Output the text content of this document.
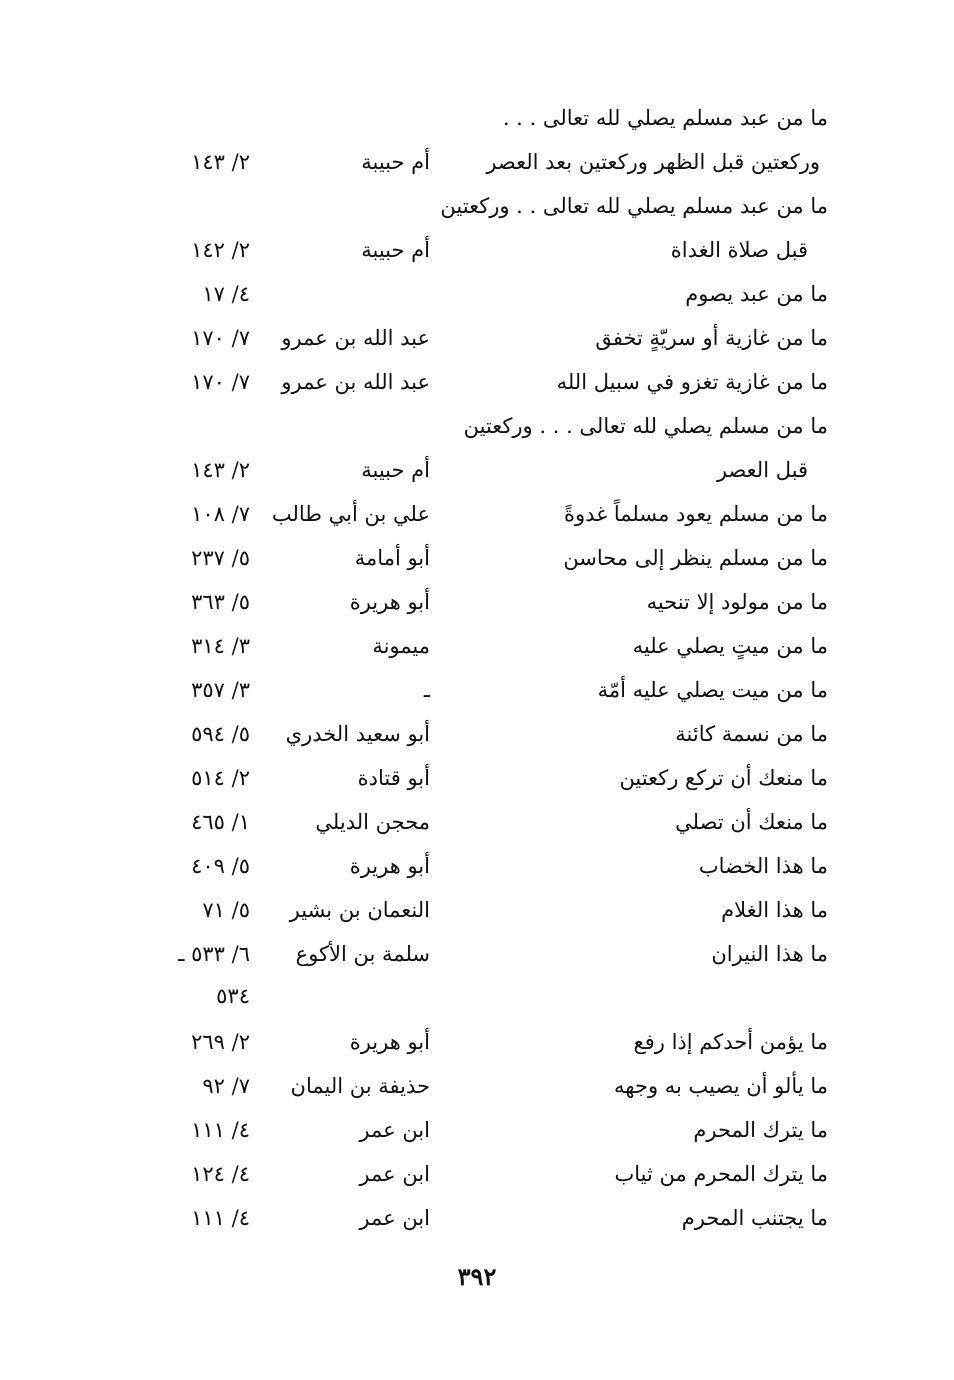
ما من عبد مسلم يصلي لله تعالى . . .
وركعتين قبل الظهر وركعتين بعد العصر
أم حبيبة
٢/ ١٤٣
ما من عبد مسلم يصلي لله تعالى . . وركعتين
قبل صلاة الغداة
أم حبيبة
٢/ ١٤٢
ما من عبد يصوم
٤/ ١٧
ما من غازية أو سريّةٍ تخفق
عبد الله بن عمرو
٧/ ١٧٠
ما من غازية تغزو في سبيل الله
عبد الله بن عمرو
٧/ ١٧٠
ما من مسلم يصلي لله تعالى . . . وركعتين
قبل العصر
أم حبيبة
٢/ ١٤٣
ما من مسلم يعود مسلماً غدوةً
علي بن أبي طالب
٧/ ١٠٨
ما من مسلم ينظر إلى محاسن
أبو أمامة
٥/ ٢٣٧
ما من مولود إلا تنحيه
أبو هريرة
٥/ ٣٦٣
ما من ميتٍ يصلي عليه
ميمونة
٣/ ٣١٤
ما من ميت يصلي عليه أمّة
ـ
٣/ ٣٥٧
ما من نسمة كائنة
أبو سعيد الخدري
٥/ ٥٩٤
ما منعك أن تركع ركعتين
أبو قتادة
٢/ ٥١٤
ما منعك أن تصلي
محجن الديلي
١/ ٤٦٥
ما هذا الخضاب
أبو هريرة
٥/ ٤٠٩
ما هذا الغلام
النعمان بن بشير
٥/ ٧١
ما هذا النيران
سلمة بن الأكوع
٦/ ٥٣٣ ـ
٥٣٤
ما يؤمن أحدكم إذا رفع
أبو هريرة
٢/ ٢٦٩
ما يألو أن يصيب به وجهه
حذيفة بن اليمان
٧/ ٩٢
ما يترك المحرم
ابن عمر
٤/ ١١١
ما يترك المحرم من ثياب
ابن عمر
٤/ ١٢٤
ما يجتنب المحرم
ابن عمر
٤/ ١١١
٣٩٢
